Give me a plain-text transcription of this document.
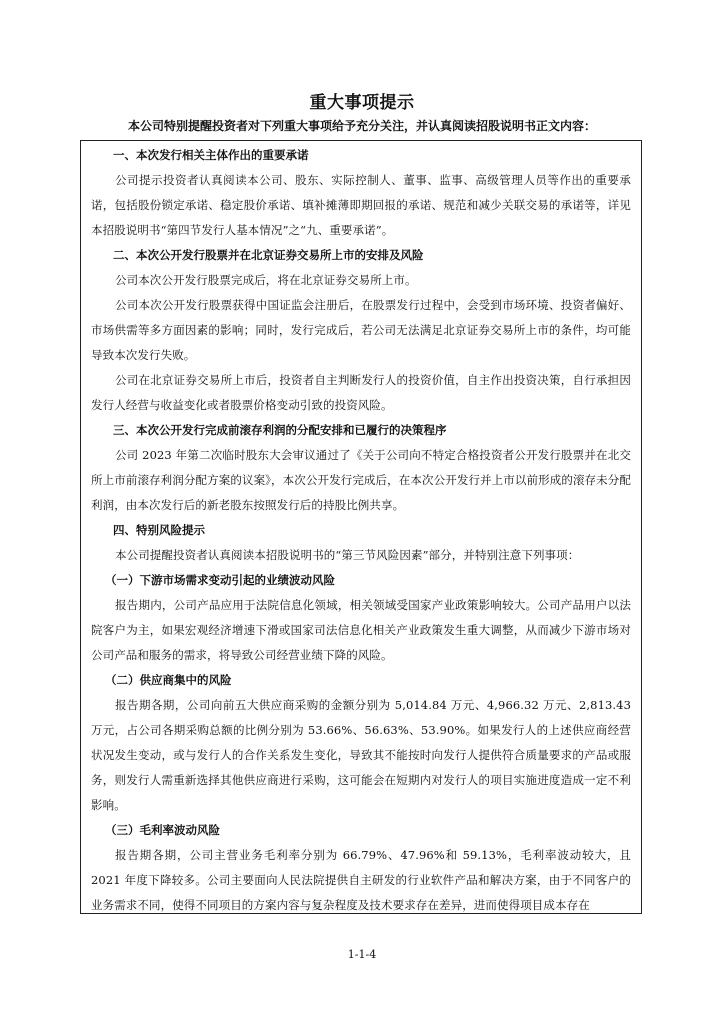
重大事项提示
本公司特别提醒投资者对下列重大事项给予充分关注，并认真阅读招股说明书正文内容：
一、本次发行相关主体作出的重要承诺
公司提示投资者认真阅读本公司、股东、实际控制人、董事、监事、高级管理人员等作出的重要承诺，包括股份锁定承诺、稳定股价承诺、填补摊薄即期回报的承诺、规范和减少关联交易的承诺等，详见本招股说明书“第四节发行人基本情况”之“九、重要承诺”。
二、本次公开发行股票并在北京证券交易所上市的安排及风险
公司本次公开发行股票完成后，将在北京证券交易所上市。
公司本次公开发行股票获得中国证监会注册后，在股票发行过程中，会受到市场环境、投资者偏好、市场供需等多方面因素的影响；同时，发行完成后，若公司无法满足北京证券交易所上市的条件，均可能导致本次发行失败。
公司在北京证券交易所上市后，投资者自主判断发行人的投资价值，自主作出投资决策，自行承担因发行人经营与收益变化或者股票价格变动引致的投资风险。
三、本次公开发行完成前滚存利润的分配安排和已履行的决策程序
公司 2023 年第二次临时股东大会审议通过了《关于公司向不特定合格投资者公开发行股票并在北交所上市前滚存利润分配方案的议案》，本次公开发行完成后，在本次公开发行并上市以前形成的滚存未分配利润，由本次发行后的新老股东按照发行后的持股比例共享。
四、特别风险提示
本公司提醒投资者认真阅读本招股说明书的“第三节风险因素”部分，并特别注意下列事项：
（一）下游市场需求变动引起的业绩波动风险
报告期内，公司产品应用于法院信息化领域，相关领域受国家产业政策影响较大。公司产品用户以法院客户为主，如果宏观经济增速下滑或国家司法信息化相关产业政策发生重大调整，从而减少下游市场对公司产品和服务的需求，将导致公司经营业绩下降的风险。
（二）供应商集中的风险
报告期各期，公司向前五大供应商采购的金额分别为 5,014.84 万元、4,966.32 万元、2,813.43 万元，占公司各期采购总额的比例分别为 53.66%、56.63%、53.90%。如果发行人的上述供应商经营状况发生变动，或与发行人的合作关系发生变化，导致其不能按时向发行人提供符合质量要求的产品或服务，则发行人需重新选择其他供应商进行采购，这可能会在短期内对发行人的项目实施进度造成一定不利影响。
（三）毛利率波动风险
报告期各期，公司主营业务毛利率分别为 66.79%、47.96%和 59.13%，毛利率波动较大，且 2021 年度下降较多。公司主要面向人民法院提供自主研发的行业软件产品和解决方案，由于不同客户的业务需求不同，使得不同项目的方案内容与复杂程度及技术要求存在差异，进而使得项目成本存在
1-1-4
